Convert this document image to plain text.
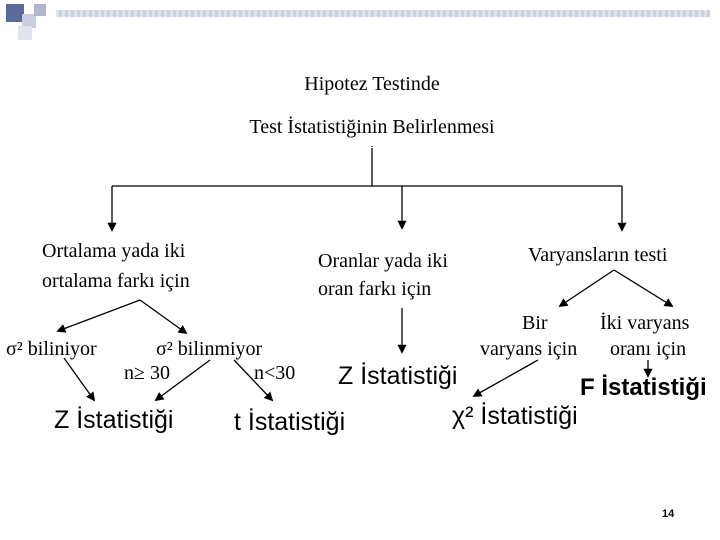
Hipotez Testinde
Test İstatistiğinin Belirlenmesi
Ortalama yada iki
ortalama farkı için
σ² biliniyor	σ² bilinmiyor
n≥ 30	n<30
Z İstatistiği t İstatistiği
Oranlar yada iki
oran farkı için
Z İstatistiği
Varyansların testi
Bir
varyans için
İki varyans
oranı için
χ² İstatistiği
F İstatistiği
14
